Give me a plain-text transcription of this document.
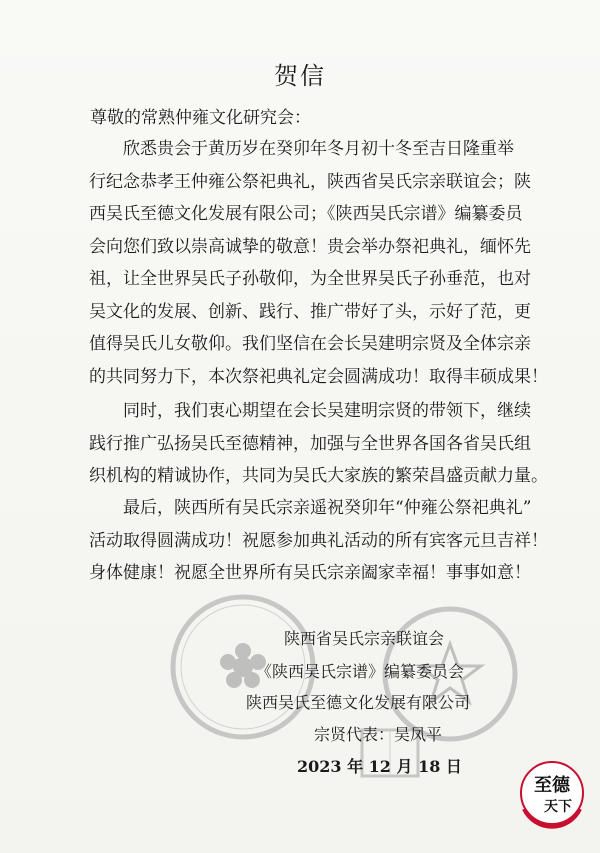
贺信
尊敬的常熟仲雍文化研究会：
　　欣悉贵会于黄历岁在癸卯年冬月初十冬至吉日隆重举
行纪念恭孝王仲雍公祭祀典礼，陕西省吴氏宗亲联谊会；陕
西吴氏至德文化发展有限公司；《陕西吴氏宗谱》编纂委员
会向您们致以崇高诚挚的敬意！贵会举办祭祀典礼，缅怀先
祖，让全世界吴氏子孙敬仰，为全世界吴氏子孙垂范，也对
吴文化的发展、创新、践行、推广带好了头，示好了范，更
值得吴氏儿女敬仰。我们坚信在会长吴建明宗贤及全体宗亲
的共同努力下，本次祭祀典礼定会圆满成功！取得丰硕成果！
　　同时，我们衷心期望在会长吴建明宗贤的带领下，继续
践行推广弘扬吴氏至德精神，加强与全世界各国各省吴氏组
织机构的精诚协作，共同为吴氏大家族的繁荣昌盛贡献力量。
　　最后，陕西所有吴氏宗亲遥祝癸卯年“仲雍公祭祀典礼”
活动取得圆满成功！祝愿参加典礼活动的所有宾客元旦吉祥！
身体健康！祝愿全世界所有吴氏宗亲阖家幸福！事事如意！
陕西省吴氏宗亲联谊会
《陕西吴氏宗谱》编纂委员会
陕西吴氏至德文化发展有限公司
宗贤代表：吴凤平
2023 年 12 月 18 日
至德
天下
